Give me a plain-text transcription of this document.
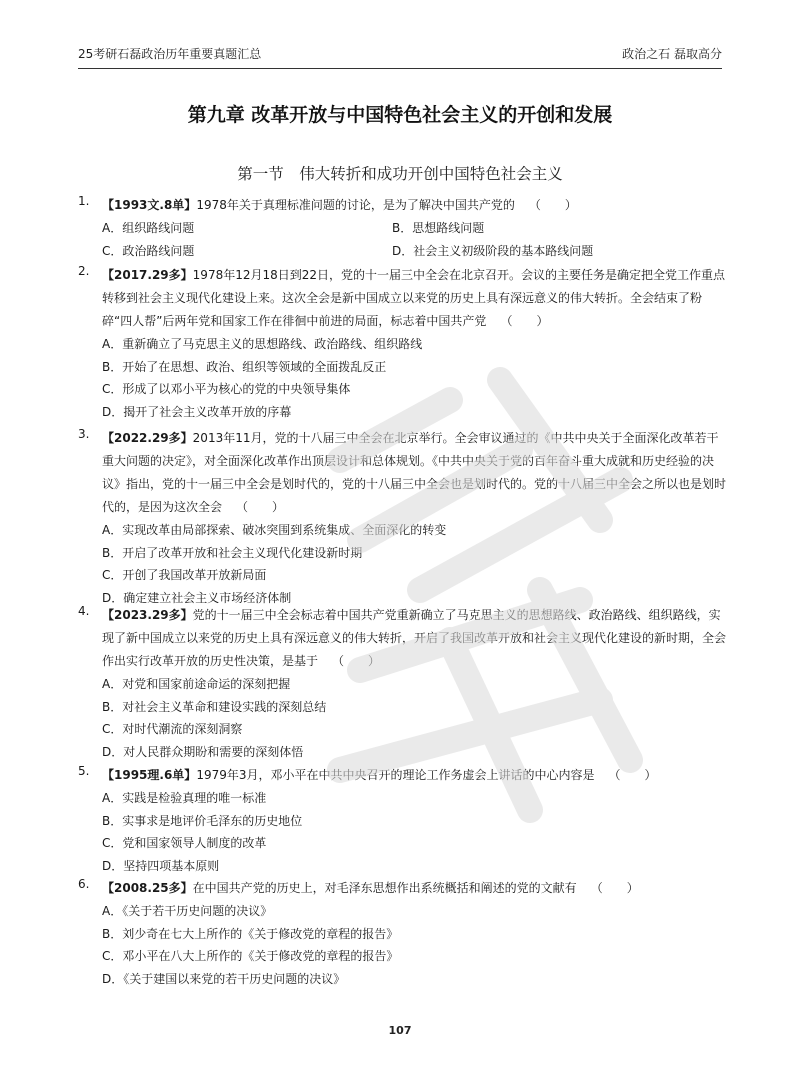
25考研石磊政治历年重要真题汇总	政治之石 磊取高分
第九章 改革开放与中国特色社会主义的开创和发展
第一节　伟大转折和成功开创中国特色社会主义
1.	【1993文.8单】1978年关于真理标准问题的讨论，是为了解决中国共产党的 （　　）
A．组织路线问题	B．思想路线问题
C．政治路线问题	D．社会主义初级阶段的基本路线问题
2.	【2017.29多】1978年12月18日到22日，党的十一届三中全会在北京召开。会议的主要任务是确定把全党工作重点转移到社会主义现代化建设上来。这次全会是新中国成立以来党的历史上具有深远意义的伟大转折。全会结束了粉碎“四人帮”后两年党和国家工作在徘徊中前进的局面，标志着中国共产党 （　　）
A．重新确立了马克思主义的思想路线、政治路线、组织路线
B．开始了在思想、政治、组织等领域的全面拨乱反正
C．形成了以邓小平为核心的党的中央领导集体
D．揭开了社会主义改革开放的序幕
3.	【2022.29多】2013年11月，党的十八届三中全会在北京举行。全会审议通过的《中共中央关于全面深化改革若干重大问题的决定》，对全面深化改革作出顶层设计和总体规划。《中共中央关于党的百年奋斗重大成就和历史经验的决议》指出，党的十一届三中全会是划时代的，党的十八届三中全会也是划时代的。党的十八届三中全会之所以也是划时代的，是因为这次全会 （　　）
A．实现改革由局部探索、破冰突围到系统集成、全面深化的转变
B．开启了改革开放和社会主义现代化建设新时期
C．开创了我国改革开放新局面
D．确定建立社会主义市场经济体制
4.	【2023.29多】党的十一届三中全会标志着中国共产党重新确立了马克思主义的思想路线、政治路线、组织路线，实现了新中国成立以来党的历史上具有深远意义的伟大转折，开启了我国改革开放和社会主义现代化建设的新时期，全会作出实行改革开放的历史性决策，是基于 （　　）
A．对党和国家前途命运的深刻把握
B．对社会主义革命和建设实践的深刻总结
C．对时代潮流的深刻洞察
D．对人民群众期盼和需要的深刻体悟
5.	【1995理.6单】1979年3月，邓小平在中共中央召开的理论工作务虚会上讲话的中心内容是 （　　）
A．实践是检验真理的唯一标准
B．实事求是地评价毛泽东的历史地位
C．党和国家领导人制度的改革
D．坚持四项基本原则
6.	【2008.25多】在中国共产党的历史上，对毛泽东思想作出系统概括和阐述的党的文献有 （　　）
A．《关于若干历史问题的决议》
B．刘少奇在七大上所作的《关于修改党的章程的报告》
C．邓小平在八大上所作的《关于修改党的章程的报告》
D．《关于建国以来党的若干历史问题的决议》
107
